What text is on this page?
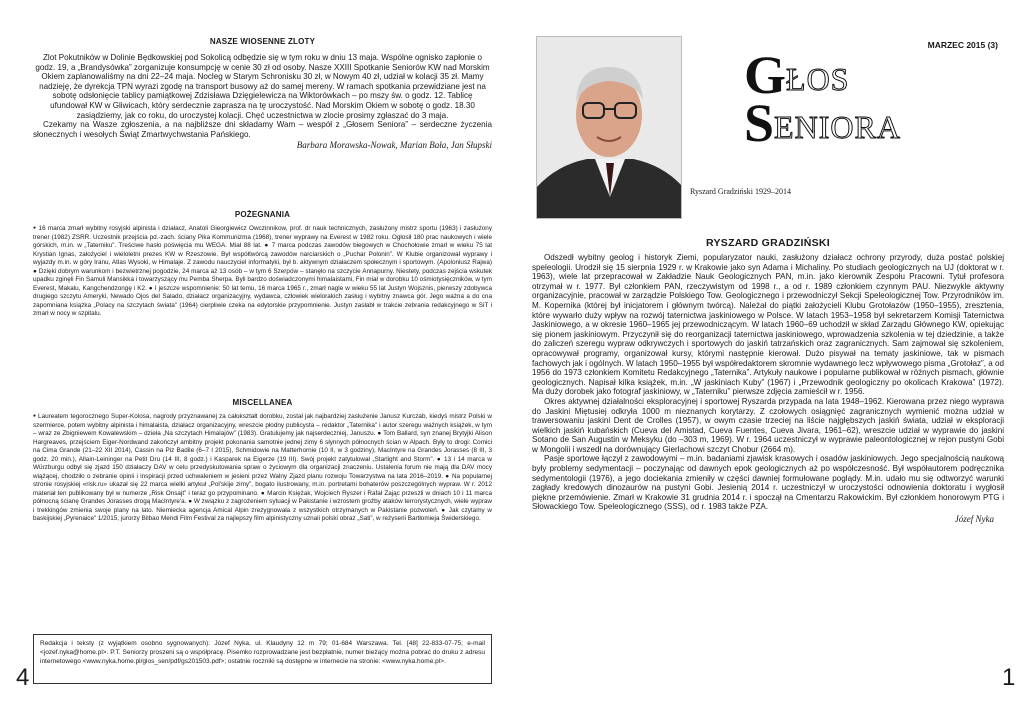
NASZE WIOSENNE ZLOTY
Zlot Pokutników w Dolinie Będkowskiej pod Sokolicą odbędzie się w tym roku w dniu 13 maja. Wspólne ognisko zapłonie o godz. 19, a „Brandysówka” zorganizuje konsumpcję w cenie 30 zł od osoby. Nasze XXIII Spotkanie Seniorów KW nad Morskim Okiem zaplanowaliśmy na dni 22–24 maja. Nocleg w Starym Schronisku 30 zł, w Nowym 40 zł, udział w kolacji 35 zł. Mamy nadzieję, że dyrekcja TPN wyrazi zgodę na transport busowy aż do samej mereny. W ramach spotkania przewidziane jest na sobotę odsłonięcie tablicy pamiątkowej Zdzisława Dzięgielewicza na Wiktorówkach – po mszy św. o godz. 12. Tablicę ufundował KW w Gliwicach, który serdecznie zaprasza na tę uroczystość. Nad Morskim Okiem w sobotę o godz. 18.30 zasiądziemy, jak co roku, do uroczystej kolacji. Chęć uczestnictwa w zlocie prosimy zgłaszać do 3 maja.
Czekamy na Wasze zgłoszenia, a na najbliższe dni składamy Wam – wespół z „Głosem Seniora” – serdeczne życzenia słonecznych i wesołych Świąt Zmartwychwstania Pańskiego.
Barbara Morawska-Nowak, Marian Bała, Jan Słupski
POŻEGNANIA
● 16 marca zmarł wybitny rosyjski alpinista i działacz, Anatoli Gieorgiewicz Owczinnikow, prof. dr nauk technicznych, zasłużony mistrz sportu (1963) i zasłużony trener (1982) ZSRR. Uczestnik przejścia pd.-zach. ściany Pika Kommunizma (1968), trener wyprawy na Everest w 1982 roku. Ogłosił 180 prac naukowych i wiele górskich, m.in. w „Taterniku”. Treściwe hasło poświęcia mu WEGA. Miał 88 lat. ● 7 marca podczas zawodów biegowych w Chochołowie zmarł w wieku 75 lat Krystian Ignas, założyciel i wieloletni prezes KW w Rzeszowie. Był współtwórcą zawodów narciarskich o „Puchar Polonin”. W Klubie organizował wyprawy i wyjazdy m.in. w góry Iranu, Atlas Wysoki, w Himalaje. Z zawodu nauczyciel informatyki, był b. aktywnym działaczem społecznym i sportowym. (Apoloniusz Rajwa) ● Dzięki dobrym warunkom i bezwietrznej pogodzie, 24 marca aż 13 osób – w tym 6 Szerpów – stanęło na szczycie Annapurny. Niestety, podczas zejścia wskutek upadku zginęli Fin Samuli Mansikka i towarzyszący mu Pemba Sherpa. Byli bardzo doświadczonymi himalaistami, Fin miał w dorobku 10 ośmiotysięczników, w tym Everest, Makalu, Kangchendzongę i K2. ● I jeszcze wspomnienie: 50 lat temu, 16 marca 1965 r., zmarł nagle w wieku 55 lat Justyn Wojsznis, pierwszy zdobywca drugiego szczytu Ameryki, Newado Ojos del Salado, działacz organizacyjny, wydawca, człowiek wielorakich zasług i wybitny znawca gór. Jego ważna a do cna zapomniana książka „Polacy na szczytach świata” (1964) cierpliwie czeka na edytorskie przypomnienie. Justyn zasłabł w trakcie zebrania redakcyjnego w SiT i zmarł w nocy w szpitalu.
MISCELLANEA
● Laureatem tegorocznego Super-Kolosa, nagrody przyznawanej za całokształt dorobku, został jak najbardziej zasłużenie Janusz Kurczab, kiedyś mistrz Polski w szermierce, potem wybitny alpinista i himalaista, działacz organizacyjny, wreszcie płodny publicysta – redaktor „Taternika” i autor szeregu ważnych książek, w tym – wraz ze Zbigniewem Kowalewskim – dzieła „Na szczytach Himalajów” (1983). Gratulujemy jak najserdeczniej, Januszu. ● Tom Ballard, syn znanej Brytyjki Alison Hargreaves, przejściem Eiger-Nordwand zakończył ambitny projekt pokonania samotnie jednej zimy 6 słynnych północnych ścian w Alpach. Były to drogi: Comici na Cima Grande (21–22 XII 2014), Cassin na Piz Badile (6–7 I 2015), Schmidowie na Matterhornie (10 II, w 3 godziny), MacIntyre na Grandes Jorasses (8 III, 3 godz. 20 min.), Allain-Leininger na Petit Dru (14 III, 8 godz.) i Kasparek na Eigerze (19 III). Swój projekt zatytułował „Starlight and Storm”. ● 13 i 14 marca w Würzburgu odbył się zjazd 150 działaczy DAV w celu przedyskutowania spraw o życiowym dla organizacji znaczeniu. Ustalenia forum nie mają dla DAV mocy wiążącej, chodziło o zebranie opinii i inspiracji przed uchwaleniem w jesieni przez Walny Zjazd planu rozwoju Towarzystwa na lata 2016–2019. ● Na popularnej stronie rosyjskiej «risk.ru» ukazał się 22 marca wielki artykuł „Pol'skije zimy”, bogato ilustrowany, m.in. portretami bohaterów poszczególnych wypraw. W r. 2012 materiał ten publikowany był w numerze „Risk Onsajt” i teraz go przypominano. ● Marcin Księżak, Wojciech Ryszer i Rafał Zając przeszli w dniach 10 i 11 marca północną ścianę Grandes Jorasses drogą MacIntyre'a. ● W związku z zagrożeniem sytuacji w Pakistanie i wzrostem groźby ataków terrorystycznych, wiele wypraw i trekkingów zmienia swoje plany na lato. Niemiecka agencja Amical Alpin zrezygnowała z wszystkich otrzymanych w Pakistanie pozwoleń. ● Jak czytamy w baskijskiej „Pyrenaice” 1/2015, jurorzy Bilbao Mendi Film Festival za najlepszy film alpinistyczny uznali polski obraz „Sati”, w reżyserii Bartłomieja Świderskiego.
Redakcja i teksty (z wyjątkiem osobno sygnowanych): Józef Nyka, ul. Klaudyny 12 m 79; 01-684 Warszawa. Tel. [48] 22-833-07-75; e-mail <jozef.nyka@home.pl>. P.T. Seniorzy proszeni są o współpracę. Pisemko rozprowadzane jest bezpłatnie, numer bieżący można pobrać do druku z adresu internetowego <www.nyka.home.pl/glos_sen/pdf/gs201503.pdf>; ostatnie roczniki są dostępne w internecie na stronie: <www.nyka.home.pl>.
4
Ryszard Gradziński 1929–2014
MARZEC 2015 (3)
G ŁOS
S ENIORA
RYSZARD GRADZIŃSKI
Odszedł wybitny geolog i historyk Ziemi, popularyzator nauki, zasłużony działacz ochrony przyrody, duża postać polskiej speleologii. Urodził się 15 sierpnia 1929 r. w Krakowie jako syn Adama i Michaliny. Po studiach geologicznych na UJ (doktorat w r. 1963), wiele lat przepracował w Zakładzie Nauk Geologicznych PAN, m.in. jako kierownik Zespołu Pracowni. Tytuł profesora otrzymał w r. 1977. Był członkiem PAN, rzeczywistym od 1998 r., a od r. 1989 członkiem czynnym PAU. Niezwykle aktywny organizacyjnie, pracował w zarządzie Polskiego Tow. Geologicznego i przewodniczył Sekcji Speleologicznej Tow. Przyrodników im. M. Kopernika (której był inicjatorem i głównym twórcą). Należał do piątki założycieli Klubu Grotołazów (1950–1955), zresztenia, które wywarło duży wpływ na rozwój taternictwa jaskiniowego w Polsce. W latach 1953–1958 był sekretarzem Komisji Taternictwa Jaskiniowego, a w okresie 1960–1965 jej przewodniczącym. W latach 1960–69 uchodził w skład Zarządu Głównego KW, opiekując się pionem jaskiniowym. Przyczynił się do reorganizacji taternictwa jaskiniowego, wprowadzenia szkolenia w tej dziedzinie, a także do zaliczeń szeregu wypraw odkrywczych i sportowych do jaskiń tatrzańskich oraz zagranicznych. Sam zajmował się szkoleniem, opracowywał programy, organizował kursy, którymi następnie kierował. Dużo pisywał na tematy jaskiniowe, tak w pismach fachowych jak i ogólnych. W latach 1950–1955 był współredaktorem skromnie wydawnego lecz wpływowego pisma „Grotołaz”, a od 1956 do 1973 członkiem Komitetu Redakcyjnego „Taternika”. Artykuły naukowe i popularne publikował w różnych pismach, głównie geologicznych. Napisał kilka książek, m.in. „W jaskiniach Kuby” (1967) i „Przewodnik geologiczny po okolicach Krakowa” (1972). Ma duży dorobek jako fotograf jaskiniowy, w „Taterniku” pierwsze zdjęcia zamieścił w r. 1956.
Okres aktywnej działalności eksploracyjnej i sportowej Ryszarda przypada na lata 1948–1962. Kierowana przez niego wyprawa do Jaskini Miętusiej odkryła 1000 m nieznanych korytarzy. Z czołowych osiągnięć zagranicznych wymienić można udział w trawersowaniu jaskini Dent de Crolles (1957), w owym czasie trzeciej na liście najgłębszych jaskiń świata, udział w eksploracji wielkich jaskiń kubańskich (Cueva del Amistad, Cueva Fuentes, Cueva Jivara, 1961–62), wreszcie udział w wyprawie do jaskini Sotano de San Augustin w Meksyku (do –303 m, 1969). W r. 1964 uczestniczył w wyprawie paleontologicznej w rejon pustyni Gobi w Mongolii i wszedł na dorównujący Gierlachowi szczyt Chobur (2664 m).
Pasje sportowe łączył z zawodowymi – m.in. badaniami zjawisk krasowych i osadów jaskiniowych. Jego specjalnością naukową były problemy sedymentacji – poczynając od dawnych epok geologicznych aż po współczesność. Był współautorem podręcznika sedymentologii (1976), a jego dociekania zmieniły w części dawniej formułowane poglądy. M.in. udało mu się odtworzyć warunki zagłady kredowych dinozaurów na pustyni Gobi. Jesienią 2014 r. uczestniczył w uroczystości odnowienia doktoratu i wygłosił piękne przemówienie. Zmarł w Krakowie 31 grudnia 2014 r. i spoczął na Cmentarzu Rakowickim. Był członkiem honorowym PTG i Słowackiego Tow. Speleologicznego (SSS), od r. 1983 także PZA.
Józef Nyka
1
